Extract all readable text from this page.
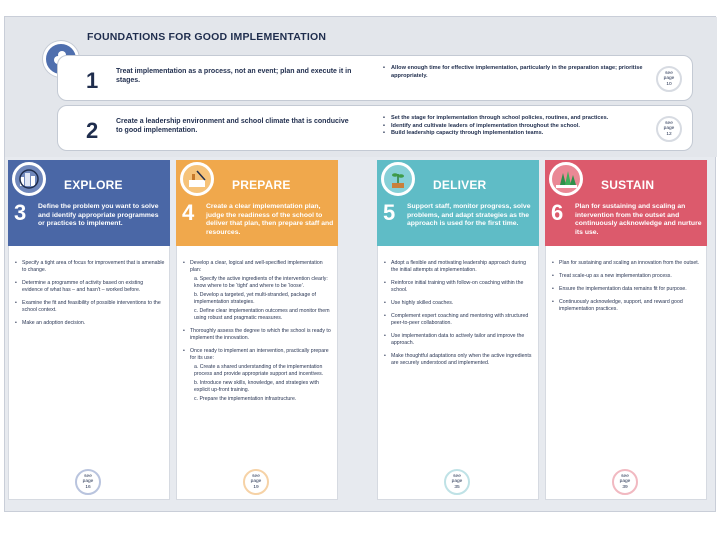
FOUNDATIONS FOR GOOD IMPLEMENTATION
1	Treat implementation as a process, not an event; plan and execute it in stages.
• Allow enough time for effective implementation, particularly in the preparation stage; prioritise appropriately.	see
page
10
2	Create a leadership environment and school climate that is conducive to good implementation.
• Set the stage for implementation through school policies, routines, and practices.
• Identify and cultivate leaders of implementation throughout the school.
• Build leadership capacity through implementation teams.
see
page
12
EXPLORE
3 Define the problem you want to solve and identify appropriate programmes or practices to implement.
• Specify a tight area of focus for improvement that is amenable to change.
• Determine a programme of activity based on existing evidence of what has – and hasn't – worked before.
• Examine the fit and feasibility of possible interventions to the school context.
• Make an adoption decision.
see
page
16
PREPARE
4 Create a clear implementation plan, judge the readiness of the school to deliver that plan, then prepare staff and resources.
• Develop a clear, logical and well-specified implementation plan:
a. Specify the active ingredients of the intervention clearly: know where to be ‘tight’ and where to be ‘loose’.
b. Develop a targeted, yet multi-stranded, package of implementation strategies.
c. Define clear implementation outcomes and monitor them using robust and pragmatic measures.
• Thoroughly assess the degree to which the school is ready to implement the innovation.
• Once ready to implement an intervention, practically prepare for its use:
a. Create a shared understanding of the implementation process and provide appropriate support and incentives.
b. Introduce new skills, knowledge, and strategies with explicit up-front training.
c. Prepare the implementation infrastructure.
see
page
19
DELIVER
5 Support staff, monitor progress, solve problems, and adapt strategies as the approach is used for the first time.
• Adopt a flexible and motivating leadership approach during the initial attempts at implementation.
• Reinforce initial training with follow-on coaching within the school.
• Use highly skilled coaches.
• Complement expert coaching and mentoring with structured peer-to-peer collaboration.
• Use implementation data to actively tailor and improve the approach.
• Make thoughtful adaptations only when the active ingredients are securely understood and implemented.
see
page
35
SUSTAIN
6 Plan for sustaining and scaling an intervention from the outset and continuously acknowledge and nurture its use.
• Plan for sustaining and scaling an innovation from the outset.
• Treat scale-up as a new implementation process.
• Ensure the implementation data remains fit for purpose.
• Continuously acknowledge, support, and reward good implementation practices.
see
page
39
